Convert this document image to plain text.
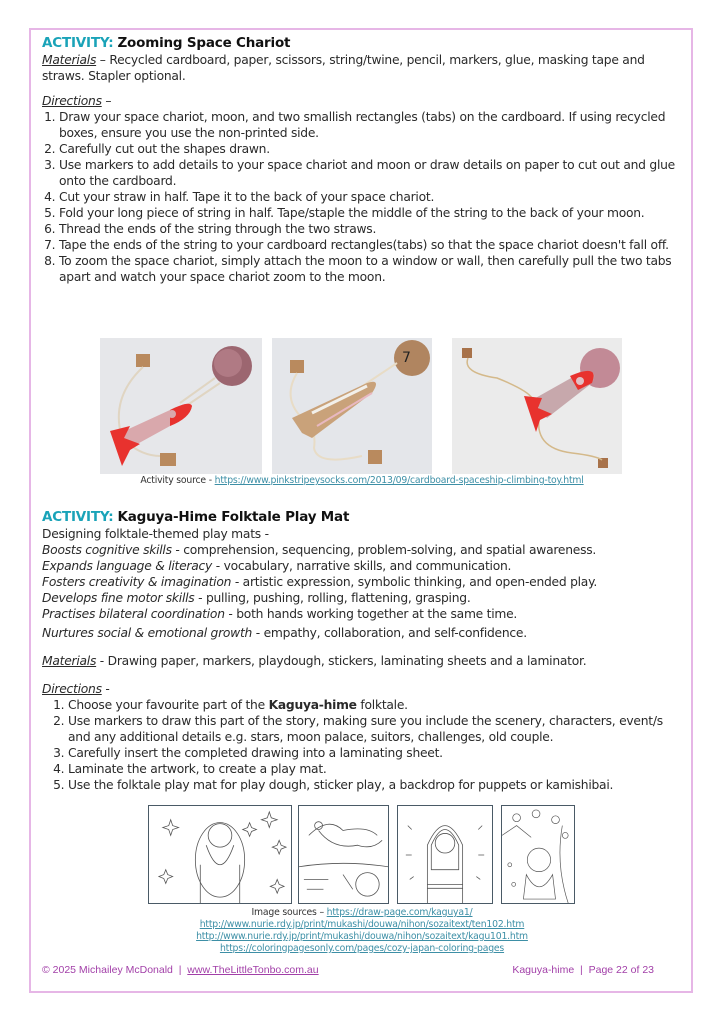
ACTIVITY: Zooming Space Chariot

Materials – Recycled cardboard, paper, scissors, string/twine, pencil, markers, glue, masking tape and straws. Stapler optional.

Directions –

1. Draw your space chariot, moon, and two smallish rectangles (tabs) on the cardboard. If using recycled boxes, ensure you use the non-printed side.
2. Carefully cut out the shapes drawn.
3. Use markers to add details to your space chariot and moon or draw details on paper to cut out and glue onto the cardboard.
4. Cut your straw in half. Tape it to the back of your space chariot.
5. Fold your long piece of string in half. Tape/staple the middle of the string to the back of your moon.
6. Thread the ends of the string through the two straws.
7. Tape the ends of the string to your cardboard rectangles(tabs) so that the space chariot doesn't fall off.
8. To zoom the space chariot, simply attach the moon to a window or wall, then carefully pull the two tabs apart and watch your space chariot zoom to the moon.
7
Activity source - https://www.pinkstripeysocks.com/2013/09/cardboard-spaceship-climbing-toy.html
ACTIVITY: Kaguya-Hime Folktale Play Mat

Designing folktale-themed play mats -

Boosts cognitive skills - comprehension, sequencing, problem-solving, and spatial awareness.

Expands language & literacy - vocabulary, narrative skills, and communication.

Fosters creativity & imagination - artistic expression, symbolic thinking, and open-ended play.

Develops fine motor skills - pulling, pushing, rolling, flattening, grasping.

Practises bilateral coordination - both hands working together at the same time.

Nurtures social & emotional growth - empathy, collaboration, and self-confidence.

Materials - Drawing paper, markers, playdough, stickers, laminating sheets and a laminator.

Directions -

1. Choose your favourite part of the Kaguya-hime folktale.
2. Use markers to draw this part of the story, making sure you include the scenery, characters, event/s and any additional details e.g. stars, moon palace, suitors, challenges, old couple.
3. Carefully insert the completed drawing into a laminating sheet.
4. Laminate the artwork, to create a play mat.
5. Use the folktale play mat for play dough, sticker play, a backdrop for puppets or kamishibai.
Image sources – https://draw-page.com/kaguya1/
http://www.nurie.rdy.jp/print/mukashi/douwa/nihon/sozaitext/ten102.htm
http://www.nurie.rdy.jp/print/mukashi/douwa/nihon/sozaitext/kagu101.htm
https://coloringpagesonly.com/pages/cozy-japan-coloring-pages
© 2025 Michailey McDonald  |  www.TheLittleTonbo.com.au	Kaguya-hime  |  Page 22 of 23
